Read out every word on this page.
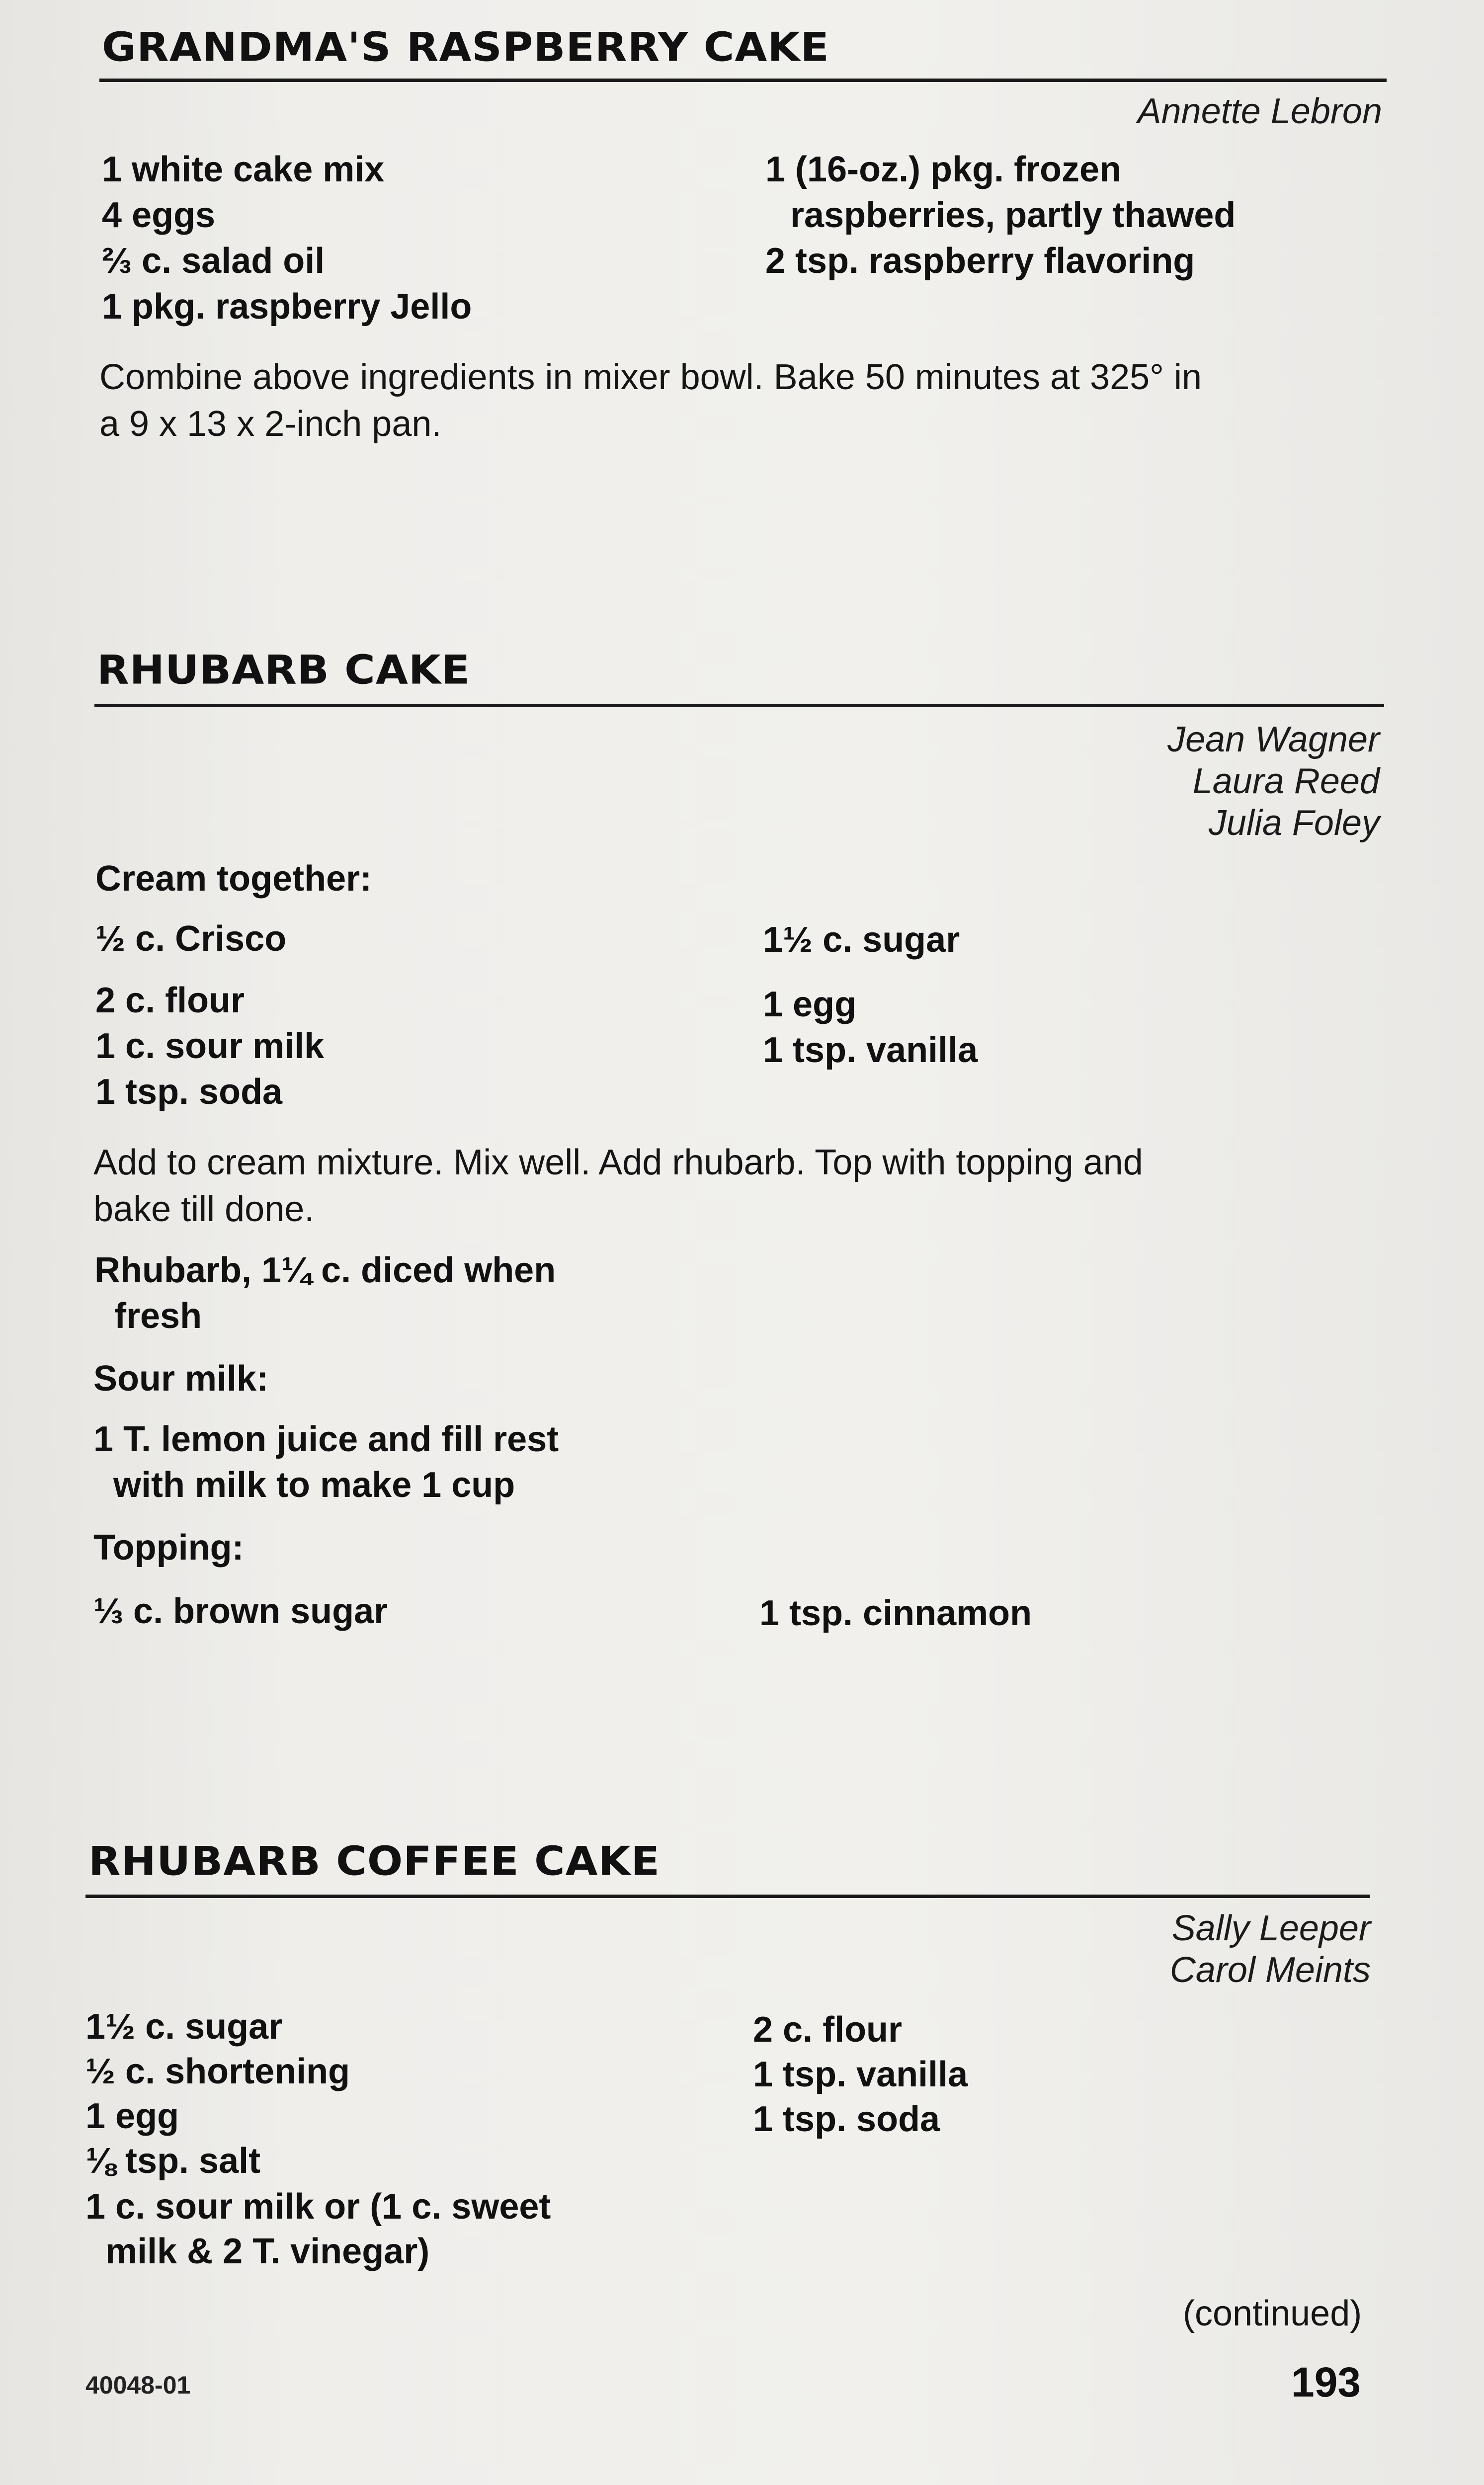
GRANDMA'S RASPBERRY CAKE
Annette Lebron
1 white cake mix
4 eggs
⅔ c. salad oil
1 pkg. raspberry Jello
1 (16-oz.) pkg. frozen
raspberries, partly thawed
2 tsp. raspberry flavoring
Combine above ingredients in mixer bowl. Bake 50 minutes at 325° in
a 9 x 13 x 2-inch pan.
RHUBARB CAKE
Jean Wagner
Laura Reed
Julia Foley
Cream together:
½ c. Crisco
2 c. flour
1 c. sour milk
1 tsp. soda
1½ c. sugar
1 egg
1 tsp. vanilla
Add to cream mixture. Mix well. Add rhubarb. Top with topping and
bake till done.
Rhubarb, 1¼ c. diced when
fresh
Sour milk:
1 T. lemon juice and fill rest
with milk to make 1 cup
Topping:
⅓ c. brown sugar	1 tsp. cinnamon
RHUBARB COFFEE CAKE
Sally Leeper
Carol Meints
1½ c. sugar
½ c. shortening
1 egg
⅛ tsp. salt
1 c. sour milk or (1 c. sweet
milk & 2 T. vinegar)
2 c. flour
1 tsp. vanilla
1 tsp. soda
(continued)
40048-01	193
